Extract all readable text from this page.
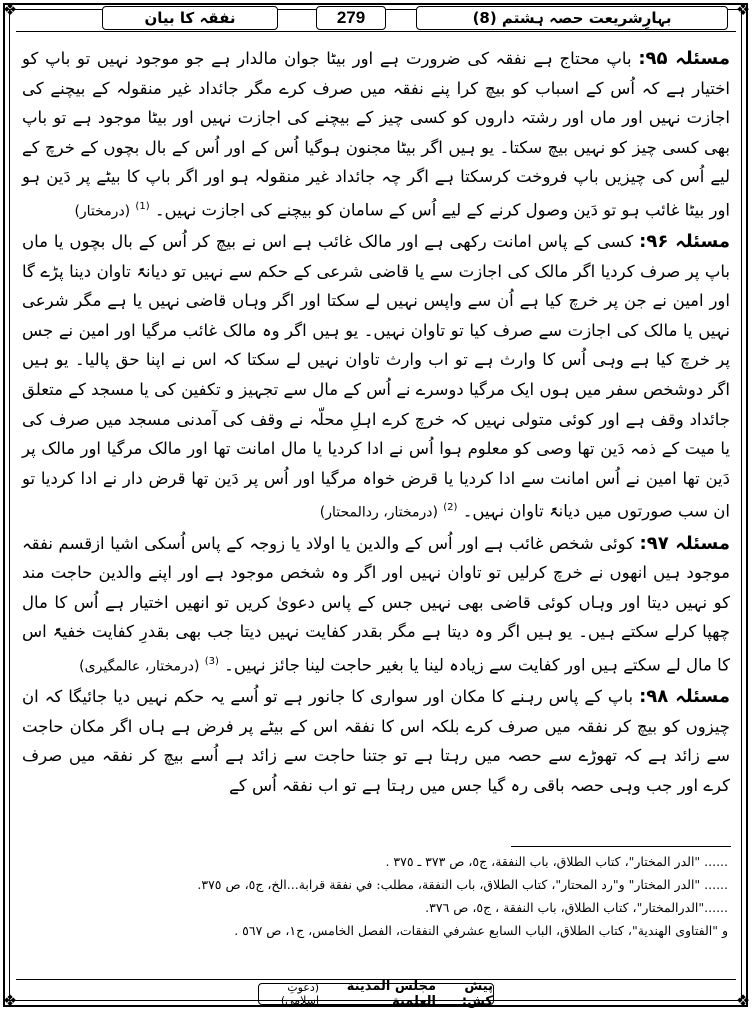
❖	❖
❖	❖
بہارِشریعت حصہ ہشتم (8)
279
نفقہ کا بیان

مسئلہ ۹۵: باپ محتاج ہے نفقہ کی ضرورت ہے اور بیٹا جوان مالدار ہے جو موجود نہیں تو باپ کو اختیار ہے کہ اُس کے اسباب کو بیچ کرا پنے نفقہ میں صرف کرے مگر جائداد غیر منقولہ کے بیچنے کی اجازت نہیں اور ماں اور رشتہ داروں کو کسی چیز کے بیچنے کی اجازت نہیں اور بیٹا موجود ہے تو باپ بھی کسی چیز کو نہیں بیچ سکتا۔ یو ہیں اگر بیٹا مجنون ہوگیا اُس کے اور اُس کے بال بچوں کے خرچ کے لیے اُس کی چیزیں باپ فروخت کرسکتا ہے اگر چہ جائداد غیر منقولہ ہو اور اگر باپ کا بیٹے پر دَین ہو اور بیٹا غائب ہو تو دَین وصول کرنے کے لیے اُس کے سامان کو بیچنے کی اجازت نہیں۔ $^{(1)}$ (درمختار)

مسئلہ ۹۶: کسی کے پاس امانت رکھی ہے اور مالک غائب ہے اس نے بیچ کر اُس کے بال بچوں یا ماں باپ پر صرف کردیا اگر مالک کی اجازت سے یا قاضی شرعی کے حکم سے نہیں تو دیانۃً تاوان دینا پڑے گا اور امین نے جن پر خرچ کیا ہے اُن سے واپس نہیں لے سکتا اور اگر وہاں قاضی نہیں یا ہے مگر شرعی نہیں یا مالک کی اجازت سے صرف کیا تو تاوان نہیں۔ یو ہیں اگر وہ مالک غائب مرگیا اور امین نے جس پر خرچ کیا ہے وہی اُس کا وارث ہے تو اب وارث تاوان نہیں لے سکتا کہ اس نے اپنا حق پالیا۔ یو ہیں اگر دوشخص سفر میں ہوں ایک مرگیا دوسرے نے اُس کے مال سے تجہیز و تکفین کی یا مسجد کے متعلق جائداد وقف ہے اور کوئی متولی نہیں کہ خرچ کرے اہلِ محلّہ نے وقف کی آمدنی مسجد میں صرف کی یا میت کے ذمہ دَین تھا وصی کو معلوم ہوا اُس نے ادا کردیا یا مال امانت تھا اور مالک مرگیا اور مالک پر دَین تھا امین نے اُس امانت سے ادا کردیا یا قرض خواہ مرگیا اور اُس پر دَین تھا قرض دار نے ادا کردیا تو ان سب صورتوں میں دیانۃً تاوان نہیں۔ $^{(2)}$ (درمختار، ردالمحتار)

مسئلہ ۹۷: کوئی شخص غائب ہے اور اُس کے والدین یا اولاد یا زوجہ کے پاس اُسکی اشیا ازقسم نفقہ موجود ہیں انھوں نے خرچ کرلیں تو تاوان نہیں اور اگر وہ شخص موجود ہے اور اپنے والدین حاجت مند کو نہیں دیتا اور وہاں کوئی قاضی بھی نہیں جس کے پاس دعویٰ کریں تو انھیں اختیار ہے اُس کا مال چھپا کرلے سکتے ہیں۔ یو ہیں اگر وہ دیتا ہے مگر بقدر کفایت نہیں دیتا جب بھی بقدرِ کفایت خفیۃً اس کا مال لے سکتے ہیں اور کفایت سے زیادہ لینا یا بغیر حاجت لینا جائز نہیں۔ $^{(3)}$ (درمختار، عالمگیری)

مسئلہ ۹۸: باپ کے پاس رہنے کا مکان اور سواری کا جانور ہے تو اُسے یہ حکم نہیں دیا جائیگا کہ ان چیزوں کو بیچ کر نفقہ میں صرف کرے بلکہ اس کا نفقہ اس کے بیٹے پر فرض ہے ہاں اگر مکان حاجت سے زائد ہے کہ تھوڑے سے حصہ میں رہتا ہے تو جتنا حاجت سے زائد ہے اُسے بیچ کر نفقہ میں صرف کرے اور جب وہی حصہ باقی رہ گیا جس میں رہتا ہے تو اب نفقہ اُس کے

...... "الدر المختار"، كتاب الطلاق، باب النفقة، ج٥، ص ٣٧٣ ـ ٣٧٥ .

...... "الدر المختار" و"رد المحتار"، كتاب الطلاق، باب النفقة، مطلب: في نفقة قرابة...الخ، ج٥، ص ٣٧٥.

......"الدرالمختار"، كتاب الطلاق، باب النفقة ، ج٥، ص ٣٧٦.

و "الفتاوى الهندية"، كتاب الطلاق، الباب السابع عشرفي النفقات، الفصل الخامس، ج١، ص ٥٦٧ .

پیش کش:

مجلس المدينة العلمية

(دعوتِ اسلامی)
